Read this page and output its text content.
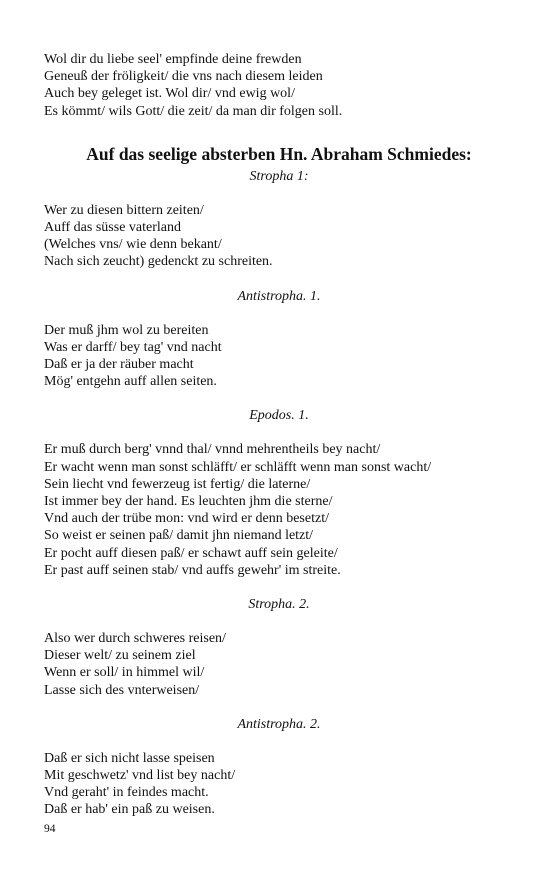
Wol dir du liebe seel' empfinde deine frewden
Geneuß der fröligkeit/ die vns nach diesem leiden
Auch bey geleget ist. Wol dir/ vnd ewig wol/
Es kömmt/ wils Gott/ die zeit/ da man dir folgen soll.
Auf das seelige absterben Hn. Abraham Schmiedes:
Stropha 1:
Wer zu diesen bittern zeiten/
Auff das süsse vaterland
(Welches vns/ wie denn bekant/
Nach sich zeucht) gedenckt zu schreiten.
Antistropha. 1.
Der muß jhm wol zu bereiten
Was er darff/ bey tag' vnd nacht
Daß er ja der räuber macht
Mög' entgehn auff allen seiten.
Epodos. 1.
Er muß durch berg' vnnd thal/ vnnd mehrentheils bey nacht/
Er wacht wenn man sonst schläfft/ er schläfft wenn man sonst wacht/
Sein liecht vnd fewerzeug ist fertig/ die laterne/
Ist immer bey der hand. Es leuchten jhm die sterne/
Vnd auch der trübe mon: vnd wird er denn besetzt/
So weist er seinen paß/ damit jhn niemand letzt/
Er pocht auff diesen paß/ er schawt auff sein geleite/
Er past auff seinen stab/ vnd auffs gewehr' im streite.
Stropha. 2.
Also wer durch schweres reisen/
Dieser welt/ zu seinem ziel
Wenn er soll/ in himmel wil/
Lasse sich des vnterweisen/
Antistropha. 2.
Daß er sich nicht lasse speisen
Mit geschwetz' vnd list bey nacht/
Vnd geraht' in feindes macht.
Daß er hab' ein paß zu weisen.
94
